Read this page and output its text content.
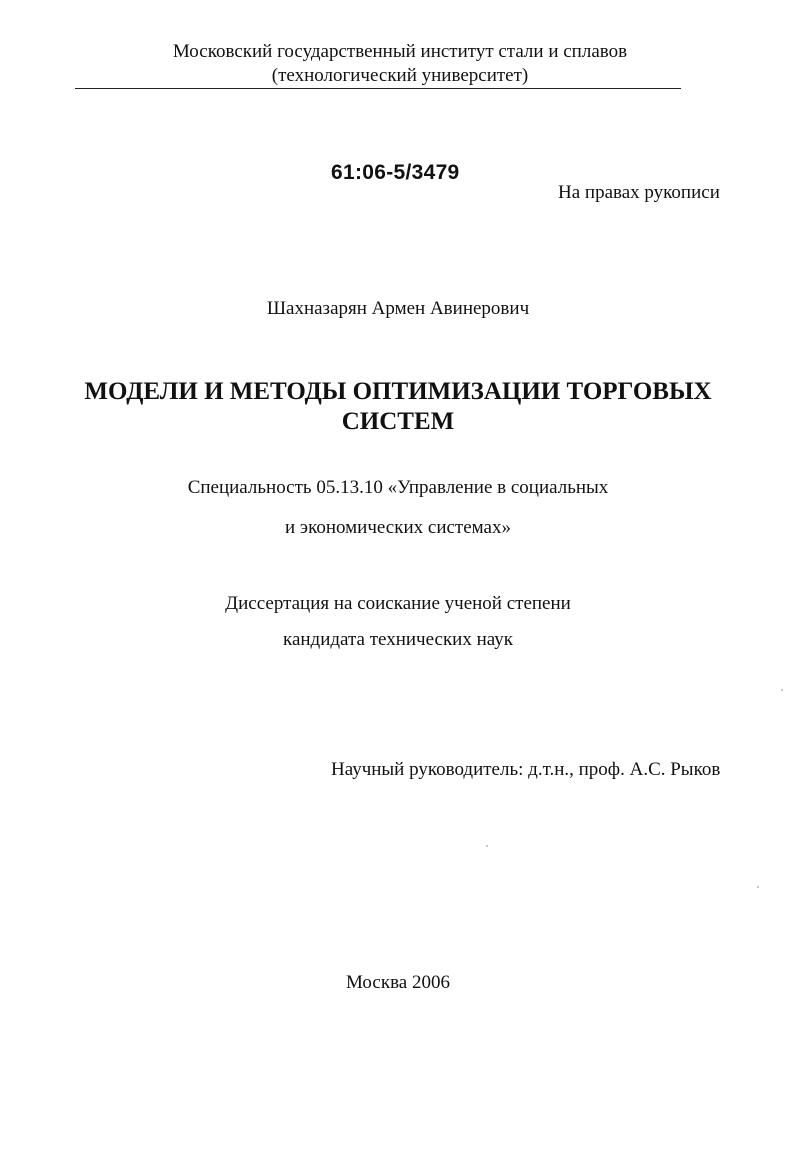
Московский государственный институт стали и сплавов
(технологический университет)
61:06-5/3479
На правах рукописи
Шахназарян Армен Авинерович
МОДЕЛИ И МЕТОДЫ ОПТИМИЗАЦИИ ТОРГОВЫХ
СИСТЕМ
Специальность 05.13.10 «Управление в социальных
и экономических системах»
Диссертация на соискание ученой степени
кандидата технических наук
Научный руководитель: д.т.н., проф. А.С. Рыков
Москва 2006
